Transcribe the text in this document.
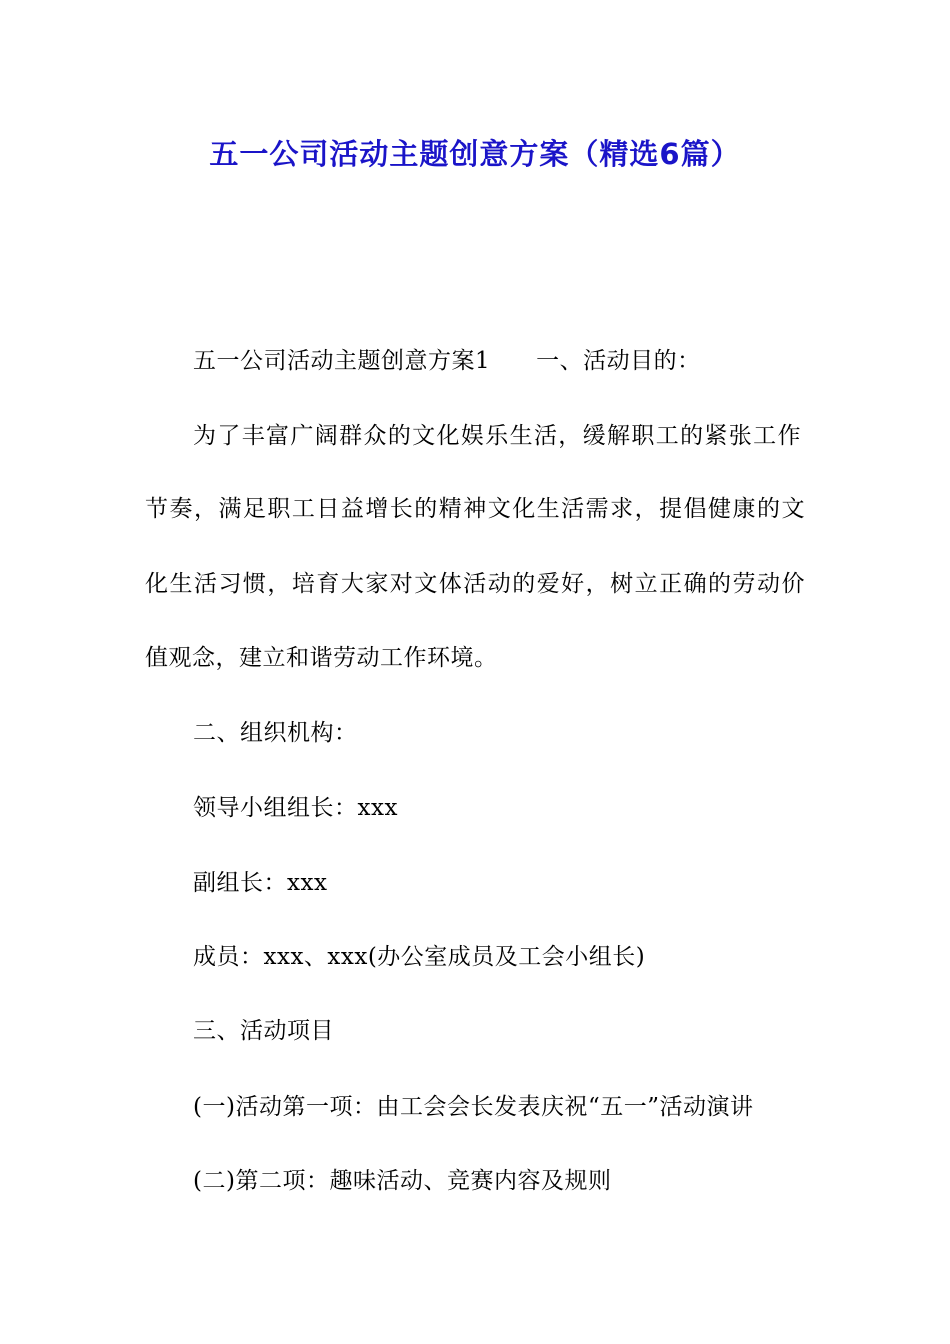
五一公司活动主题创意方案（精选6篇）
五一公司活动主题创意方案1 一、活动目的：
为了丰富广阔群众的文化娱乐生活，缓解职工的紧张工作
节奏，满足职工日益增长的精神文化生活需求，提倡健康的文
化生活习惯，培育大家对文体活动的爱好，树立正确的劳动价
值观念，建立和谐劳动工作环境。
二、组织机构：
领导小组组长：xxx
副组长：xxx
成员：xxx、xxx(办公室成员及工会小组长)
三、活动项目
(一)活动第一项：由工会会长发表庆祝“五一”活动演讲
(二)第二项：趣味活动、竞赛内容及规则
